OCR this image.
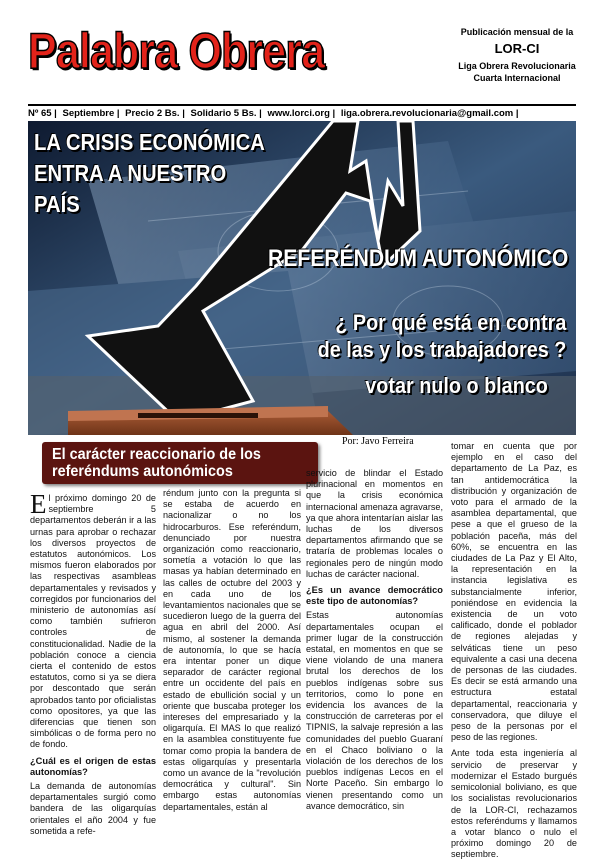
Palabra Obrera	Publicación mensual de la
LOR-CI
Liga Obrera Revolucionaria
Cuarta Internacional
Nº 65 | Septiembre | Precio 2 Bs. | Solidario 5 Bs. | www.lorci.org | liga.obrera.revolucionaria@gmail.com |
LA CRISIS ECONÓMICA
ENTRA A NUESTRO
PAÍS
REFERÉNDUM AUTONÓMICO
¿ Por qué está en contra
de las y los trabajadores ?
votar nulo o blanco
El carácter reaccionario de los
referéndums autonómicos
Por: Javo Ferreira

El próximo domingo 20 de septiembre 5 departamentos deberán ir a las urnas para aprobar o rechazar los diversos proyectos de estatutos autonómicos. Los mismos fueron elaborados por las respectivas asambleas departamentales y revisados y corregidos por funcionarios del ministerio de autonomías así como también sufrieron controles de constitucionalidad. Nadie de la población conoce a ciencia cierta el contenido de estos estatutos, como si ya se diera por descontado que serán aprobados tanto por oficialistas como opositores, ya que las diferencias que tienen son simbólicas o de forma pero no de fondo.

¿Cuál es el origen de estas autonomías?

La demanda de autonomías departamentales surgió como bandera de las oligarquías orientales el año 2004 y fue sometida a refe-

réndum junto con la pregunta si se estaba de acuerdo en nacionalizar o no los hidrocarburos. Ese referéndum, denunciado por nuestra organización como reaccionario, sometía a votación lo que las masas ya habían determinado en las calles de octubre del 2003 y en cada uno de los levantamientos nacionales que se sucedieron luego de la guerra del agua en abril del 2000. Así mismo, al sostener la demanda de autonomía, lo que se hacía era intentar poner un dique separador de carácter regional entre un occidente del país en estado de ebullición social y un oriente que buscaba proteger los intereses del empresariado y la oligarquía. El MAS lo que realizó en la asamblea constituyente fue tomar como propia la bandera de estas oligarquías y presentarla como un avance de la "revolución democrática y cultural". Sin embargo estas autonomías departamentales, están al

servicio de blindar el Estado plurinacional en momentos en que la crisis económica internacional amenaza agravarse, ya que ahora intentarían aislar las luchas de los diversos departamentos afirmando que se trataría de problemas locales o regionales pero de ningún modo luchas de carácter nacional.

¿Es un avance democrático este tipo de autonomías?

Estas autonomías departamentales ocupan el primer lugar de la construcción estatal, en momentos en que se viene violando de una manera brutal los derechos de los pueblos indígenas sobre sus territorios, como lo pone en evidencia los avances de la construcción de carreteras por el TIPNIS, la salvaje represión a las comunidades del pueblo Guaraní en el Chaco boliviano o la violación de los derechos de los pueblos indígenas Lecos en el Norte Paceño. Sin embargo lo vienen presentando como un avance democrático, sin

tomar en cuenta que por ejemplo en el caso del departamento de La Paz, es tan antidemocrática la distribución y organización de voto para el armado de la asamblea departamental, que pese a que el grueso de la población paceña, más del 60%, se encuentra en las ciudades de La Paz y El Alto, la representación en la instancia legislativa es substancialmente inferior, poniéndose en evidencia la existencia de un voto calificado, donde el poblador de regiones alejadas y selváticas tiene un peso equivalente a casi una decena de personas de las ciudades. Es decir se está armando una estructura estatal departamental, reaccionaria y conservadora, que diluye el peso de la personas por el peso de las regiones.

Ante toda esta ingeniería al servicio de preservar y modernizar el Estado burgués semicolonial boliviano, es que los socialistas revolucionarios de la LOR-CI, rechazamos estos referéndums y llamamos a votar blanco o nulo el próximo domingo 20 de septiembre.
